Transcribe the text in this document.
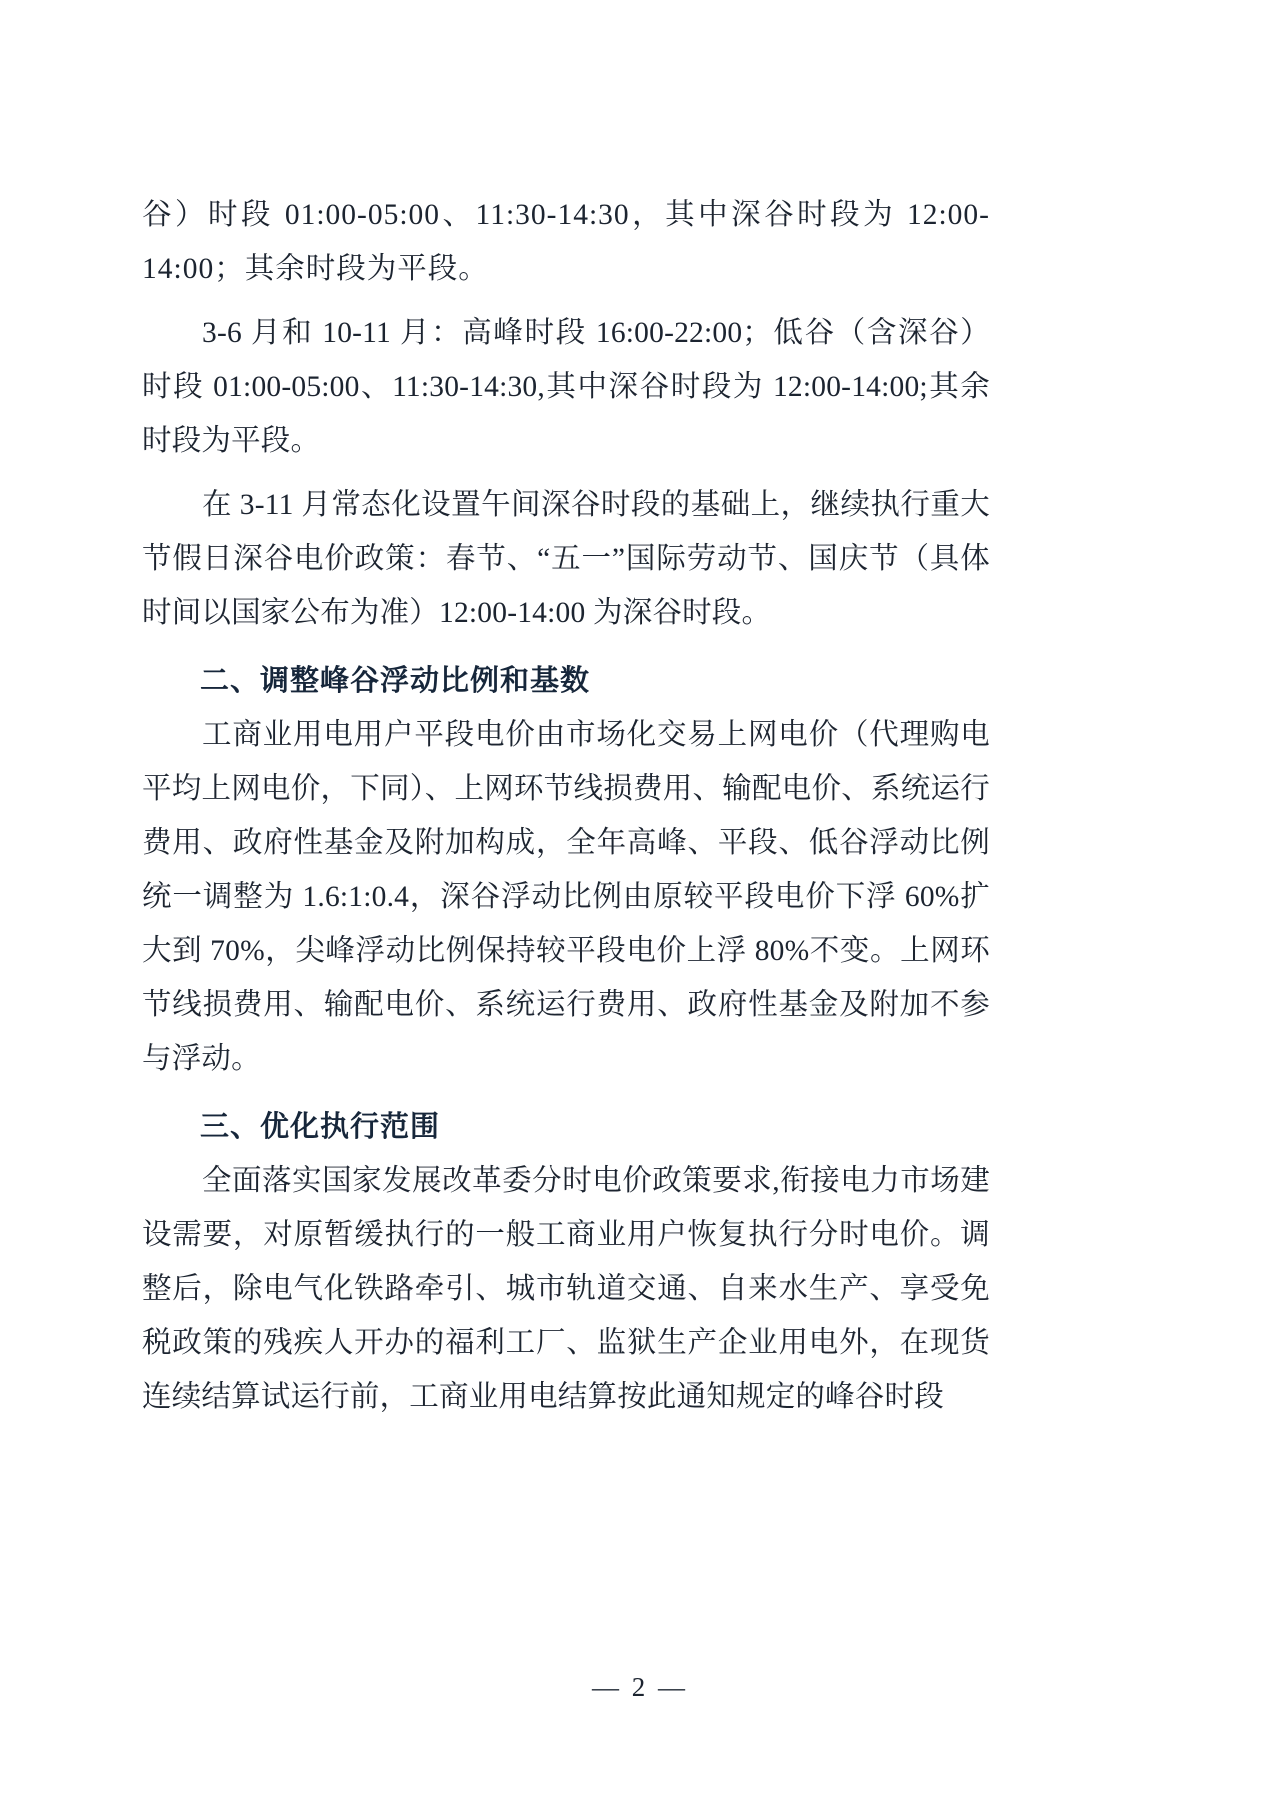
谷）时段 01:00-05:00、11:30-14:30，其中深谷时段为 12:00-14:00；其余时段为平段。

3-6 月和 10-11 月：高峰时段 16:00-22:00；低谷（含深谷）时段 01:00-05:00、11:30-14:30,其中深谷时段为 12:00-14:00;其余时段为平段。

在 3-11 月常态化设置午间深谷时段的基础上，继续执行重大节假日深谷电价政策：春节、“五一”国际劳动节、国庆节（具体时间以国家公布为准）12:00-14:00 为深谷时段。

二、调整峰谷浮动比例和基数

工商业用电用户平段电价由市场化交易上网电价（代理购电平均上网电价，下同）、上网环节线损费用、输配电价、系统运行费用、政府性基金及附加构成，全年高峰、平段、低谷浮动比例统一调整为 1.6:1:0.4，深谷浮动比例由原较平段电价下浮 60%扩大到 70%，尖峰浮动比例保持较平段电价上浮 80%不变。上网环节线损费用、输配电价、系统运行费用、政府性基金及附加不参与浮动。

三、优化执行范围

全面落实国家发展改革委分时电价政策要求,衔接电力市场建设需要，对原暂缓执行的一般工商业用户恢复执行分时电价。调整后，除电气化铁路牵引、城市轨道交通、自来水生产、享受免税政策的残疾人开办的福利工厂、监狱生产企业用电外，在现货连续结算试运行前，工商业用电结算按此通知规定的峰谷时段

— 2 —
